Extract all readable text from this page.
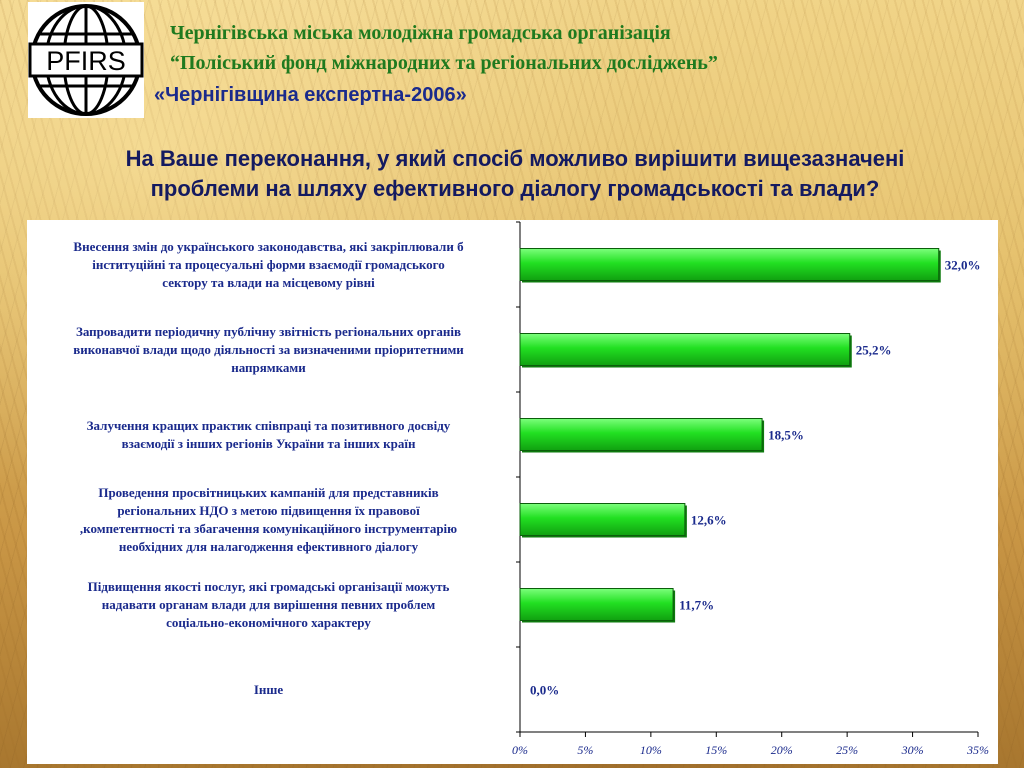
PFIRS
Чернігівська міська молодіжна громадська організація
“Поліський фонд міжнародних та регіональних досліджень”
«Чернігівщина експертна-2006»
На Ваше переконання, у який спосіб можливо вирішити вищезазначені
проблеми на шляху ефективного діалогу громадськості та влади?
Внесення змін до українського законодавства, які закріплювали б
інституційні та процесуальні форми взаємодії громадського
сектору та влади на місцевому рівні
Запровадити періодичну публічну звітність регіональних органів
виконавчої влади щодо діяльності за визначеними пріоритетними
напрямками
Залучення кращих практик співпраці та позитивного досвіду
взаємодії з інших регіонів України та інших країн
Проведення просвітницьких кампаній для представників
регіональних НДО з метою підвищення їх правової
,компетентності та збагачення комунікаційного інструментарію
необхідних для налагодження ефективного діалогу
Підвищення якості послуг, які громадські організації можуть
надавати органам влади для вирішення певних проблем
соціально-економічного характеру
Інше
0%	5%	10%	15%	20%	25%	30%	35%
32,0%
25,2%
18,5%
12,6%
11,7%
0,0%
